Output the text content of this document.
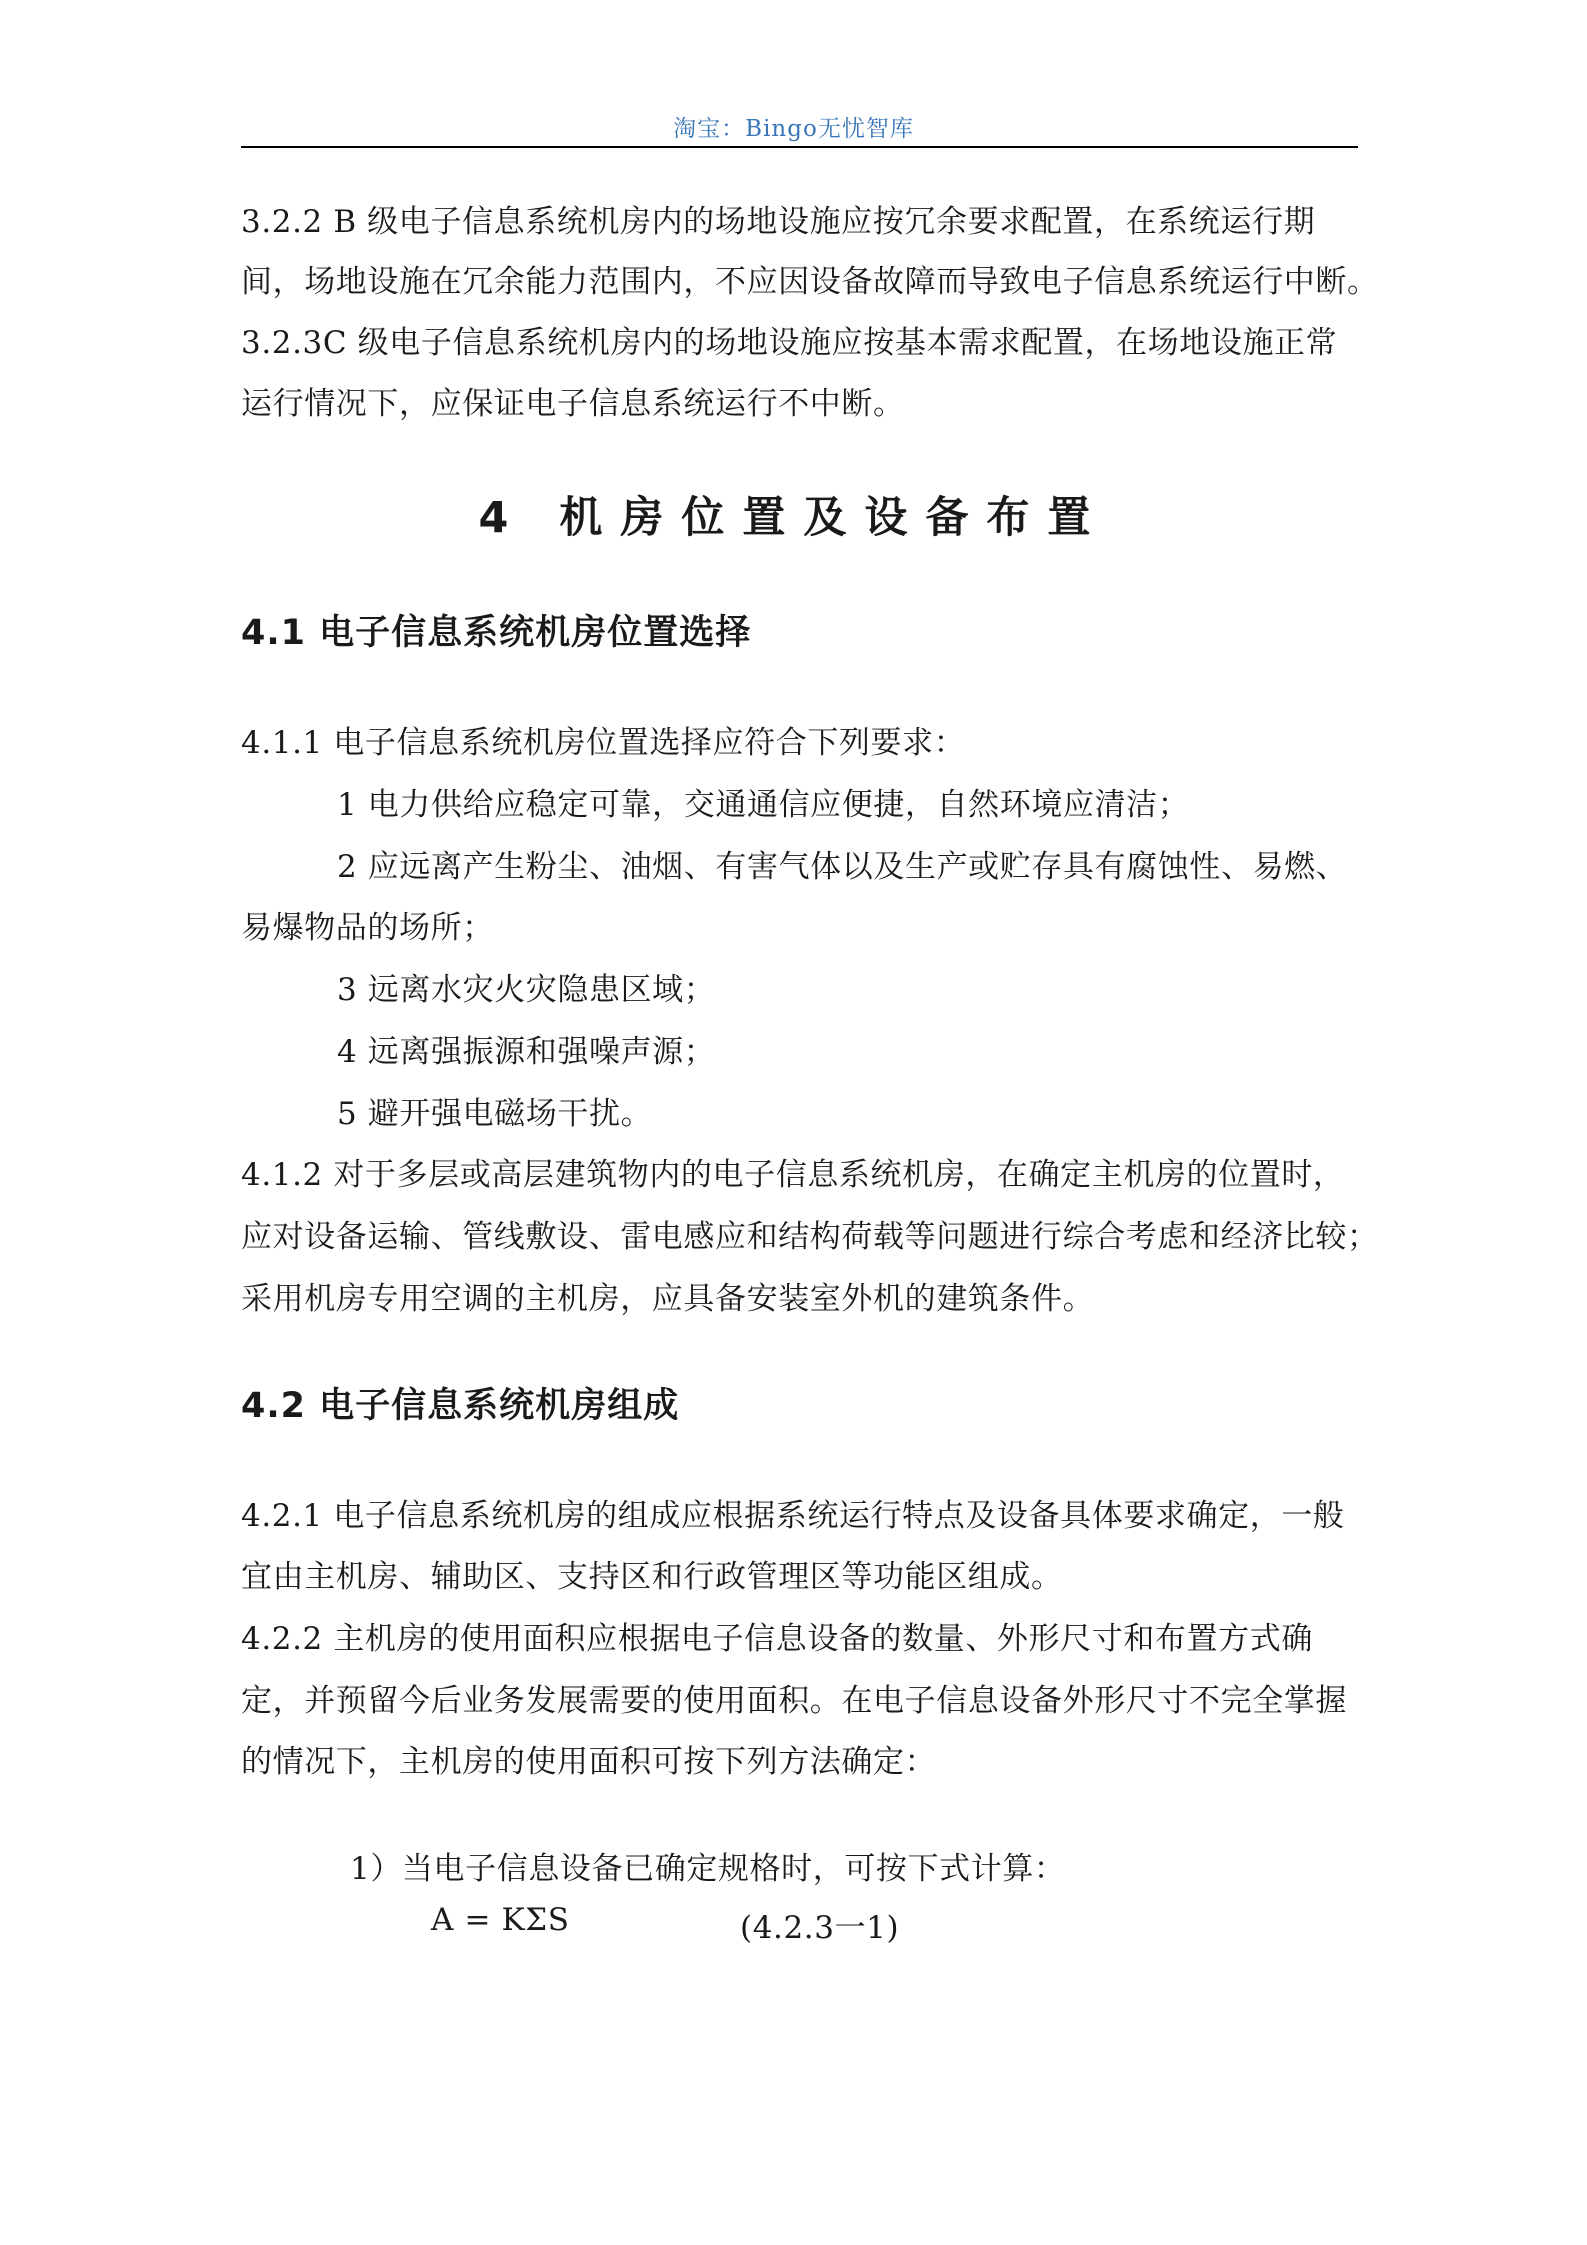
淘宝：Bingo无忧智库
3.2.2 B 级电子信息系统机房内的场地设施应按冗余要求配置，在系统运行期
间，场地设施在冗余能力范围内，不应因设备故障而导致电子信息系统运行中断。
3.2.3C 级电子信息系统机房内的场地设施应按基本需求配置，在场地设施正常
运行情况下，应保证电子信息系统运行不中断。
4 机房位置及设备布置
4.1 电子信息系统机房位置选择
4.1.1 电子信息系统机房位置选择应符合下列要求：
1 电力供给应稳定可靠，交通通信应便捷，自然环境应清洁；
2 应远离产生粉尘、油烟、有害气体以及生产或贮存具有腐蚀性、易燃、
易爆物品的场所；
3 远离水灾火灾隐患区域；
4 远离强振源和强噪声源；
5 避开强电磁场干扰。
4.1.2 对于多层或高层建筑物内的电子信息系统机房，在确定主机房的位置时，
应对设备运输、管线敷设、雷电感应和结构荷载等问题进行综合考虑和经济比较；
采用机房专用空调的主机房，应具备安装室外机的建筑条件。
4.2 电子信息系统机房组成
4.2.1 电子信息系统机房的组成应根据系统运行特点及设备具体要求确定，一般
宜由主机房、辅助区、支持区和行政管理区等功能区组成。
4.2.2 主机房的使用面积应根据电子信息设备的数量、外形尺寸和布置方式确
定，并预留今后业务发展需要的使用面积。在电子信息设备外形尺寸不完全掌握
的情况下，主机房的使用面积可按下列方法确定：
1）当电子信息设备已确定规格时，可按下式计算：
A = KΣS	(4.2.3一1)
